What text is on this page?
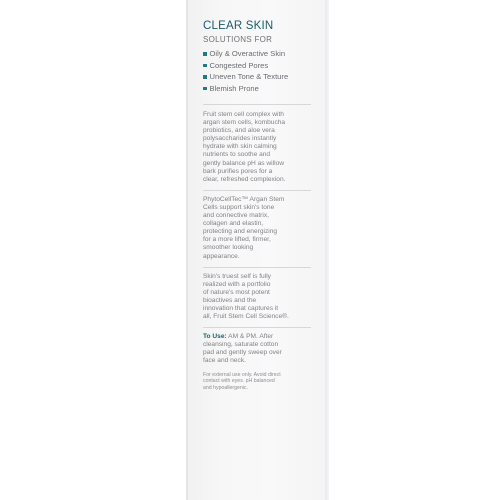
CLEAR SKIN
SOLUTIONS FOR
Oily & Overactive Skin
Congested Pores
Uneven Tone & Texture
Blemish Prone

Fruit stem cell complex with
argan stem cells, kombucha
probiotics, and aloe vera
polysaccharides instantly
hydrate with skin calming
nutrients to soothe and
gently balance pH as willow
bark purifies pores for a
clear, refreshed complexion.

PhytoCellTec™ Argan Stem
Cells support skin's tone
and connective matrix,
collagen and elastin,
protecting and energizing
for a more lifted, firmer,
smoother looking
appearance.

Skin's truest self is fully
realized with a portfolio
of nature's most potent
bioactives and the
innovation that captures it
all, Fruit Stem Cell Science®.

To Use: AM & PM. After
cleansing, saturate cotton
pad and gently sweep over
face and neck.

For external use only. Avoid direct
contact with eyes. pH balanced
and hypoallergenic.
